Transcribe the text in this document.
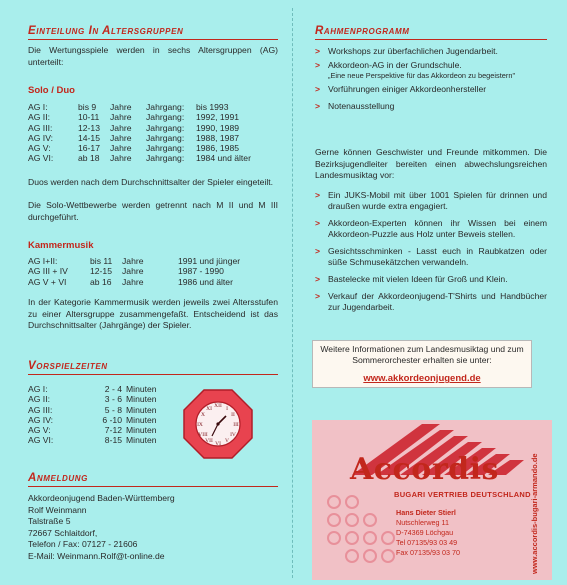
Einteilung In Altersgruppen

Die Wertungsspiele werden in sechs Altersgruppen (AG) unterteilt:

Solo / Duo
AG I:	bis 9	Jahre	Jahrgang:	bis 1993
AG II:	10-11	Jahre	Jahrgang:	1992, 1991
AG III:	12-13	Jahre	Jahrgang:	1990, 1989
AG IV:	14-15	Jahre	Jahrgang:	1988, 1987
AG V:	16-17	Jahre	Jahrgang:	1986, 1985
AG VI:	ab 18	Jahre	Jahrgang:	1984 und älter

Duos werden nach dem Durchschnittsalter der Spieler eingeteilt.

Die Solo-Wettbewerbe werden getrennt nach M II und M III durchgeführt.

Kammermusik
AG I+II:	bis 11	Jahre	1991 und jünger
AG III + IV	12-15	Jahre	1987 - 1990
AG V + VI	ab 16	Jahre	1986 und älter

In der Kategorie Kammermusik werden jeweils zwei Altersstufen zu einer Altersgruppe zusammengefaßt. Entscheidend ist das Durchschnittsalter (Jahrgänge) der Spieler.

Vorspielzeiten
AG I:	2 - 4	Minuten
AG II:	3 - 6	Minuten
AG III:	5 - 8	Minuten
AG IV:	6 -10	Minuten
AG V:	7-12	Minuten
AG VI:	8-15	Minuten
XII
III
VI
IX
I
II
IV
V
VII
VIII
X
XI
Anmeldung

Akkordeonjugend Baden-Württemberg

Rolf Weinmann

Talstraße 5

72667 Schlaitdorf,

Telefon / Fax: 07127 - 21606

E-Mail: Weinmann.Rolf@t-online.de

Rahmenprogramm
> Workshops zur überfachlichen Jugendarbeit.
> Akkordeon-AG in der Grundschule.
„Eine neue Perspektive für das Akkordeon zu begeistern"
> Vorführungen einiger Akkordeonhersteller
> Notenausstellung

Gerne können Geschwister und Freunde mitkommen. Die Bezirksjugendleiter bereiten einen abwechslungsreichen Landesmusiktag vor:

> Ein JUKS-Mobil mit über 1001 Spielen für drinnen und draußen wurde extra engagiert.
> Akkordeon-Experten können ihr Wissen bei einem Akkordeon-Puzzle aus Holz unter Beweis stellen.
> Gesichtsschminken - Lasst euch in Raubkatzen oder süße Schmusekätzchen verwandeln.
> Bastelecke mit vielen Ideen für Groß und Klein.
> Verkauf der Akkordeonjugend-T'Shirts und Handbücher zur Jugendarbeit.

Weitere Informationen zum Landesmusiktag und zum Sommerorchester erhalten sie unter:

www.akkordeonjugend.de

Accordis
BUGARI VERTRIEB DEUTSCHLAND
Hans Dieter Stierl
Nutschlerweg 11
D-74369 Löchgau
Tel 07135/93 03 49
Fax 07135/93 03 70	www.accordis-bugari-armando.de
